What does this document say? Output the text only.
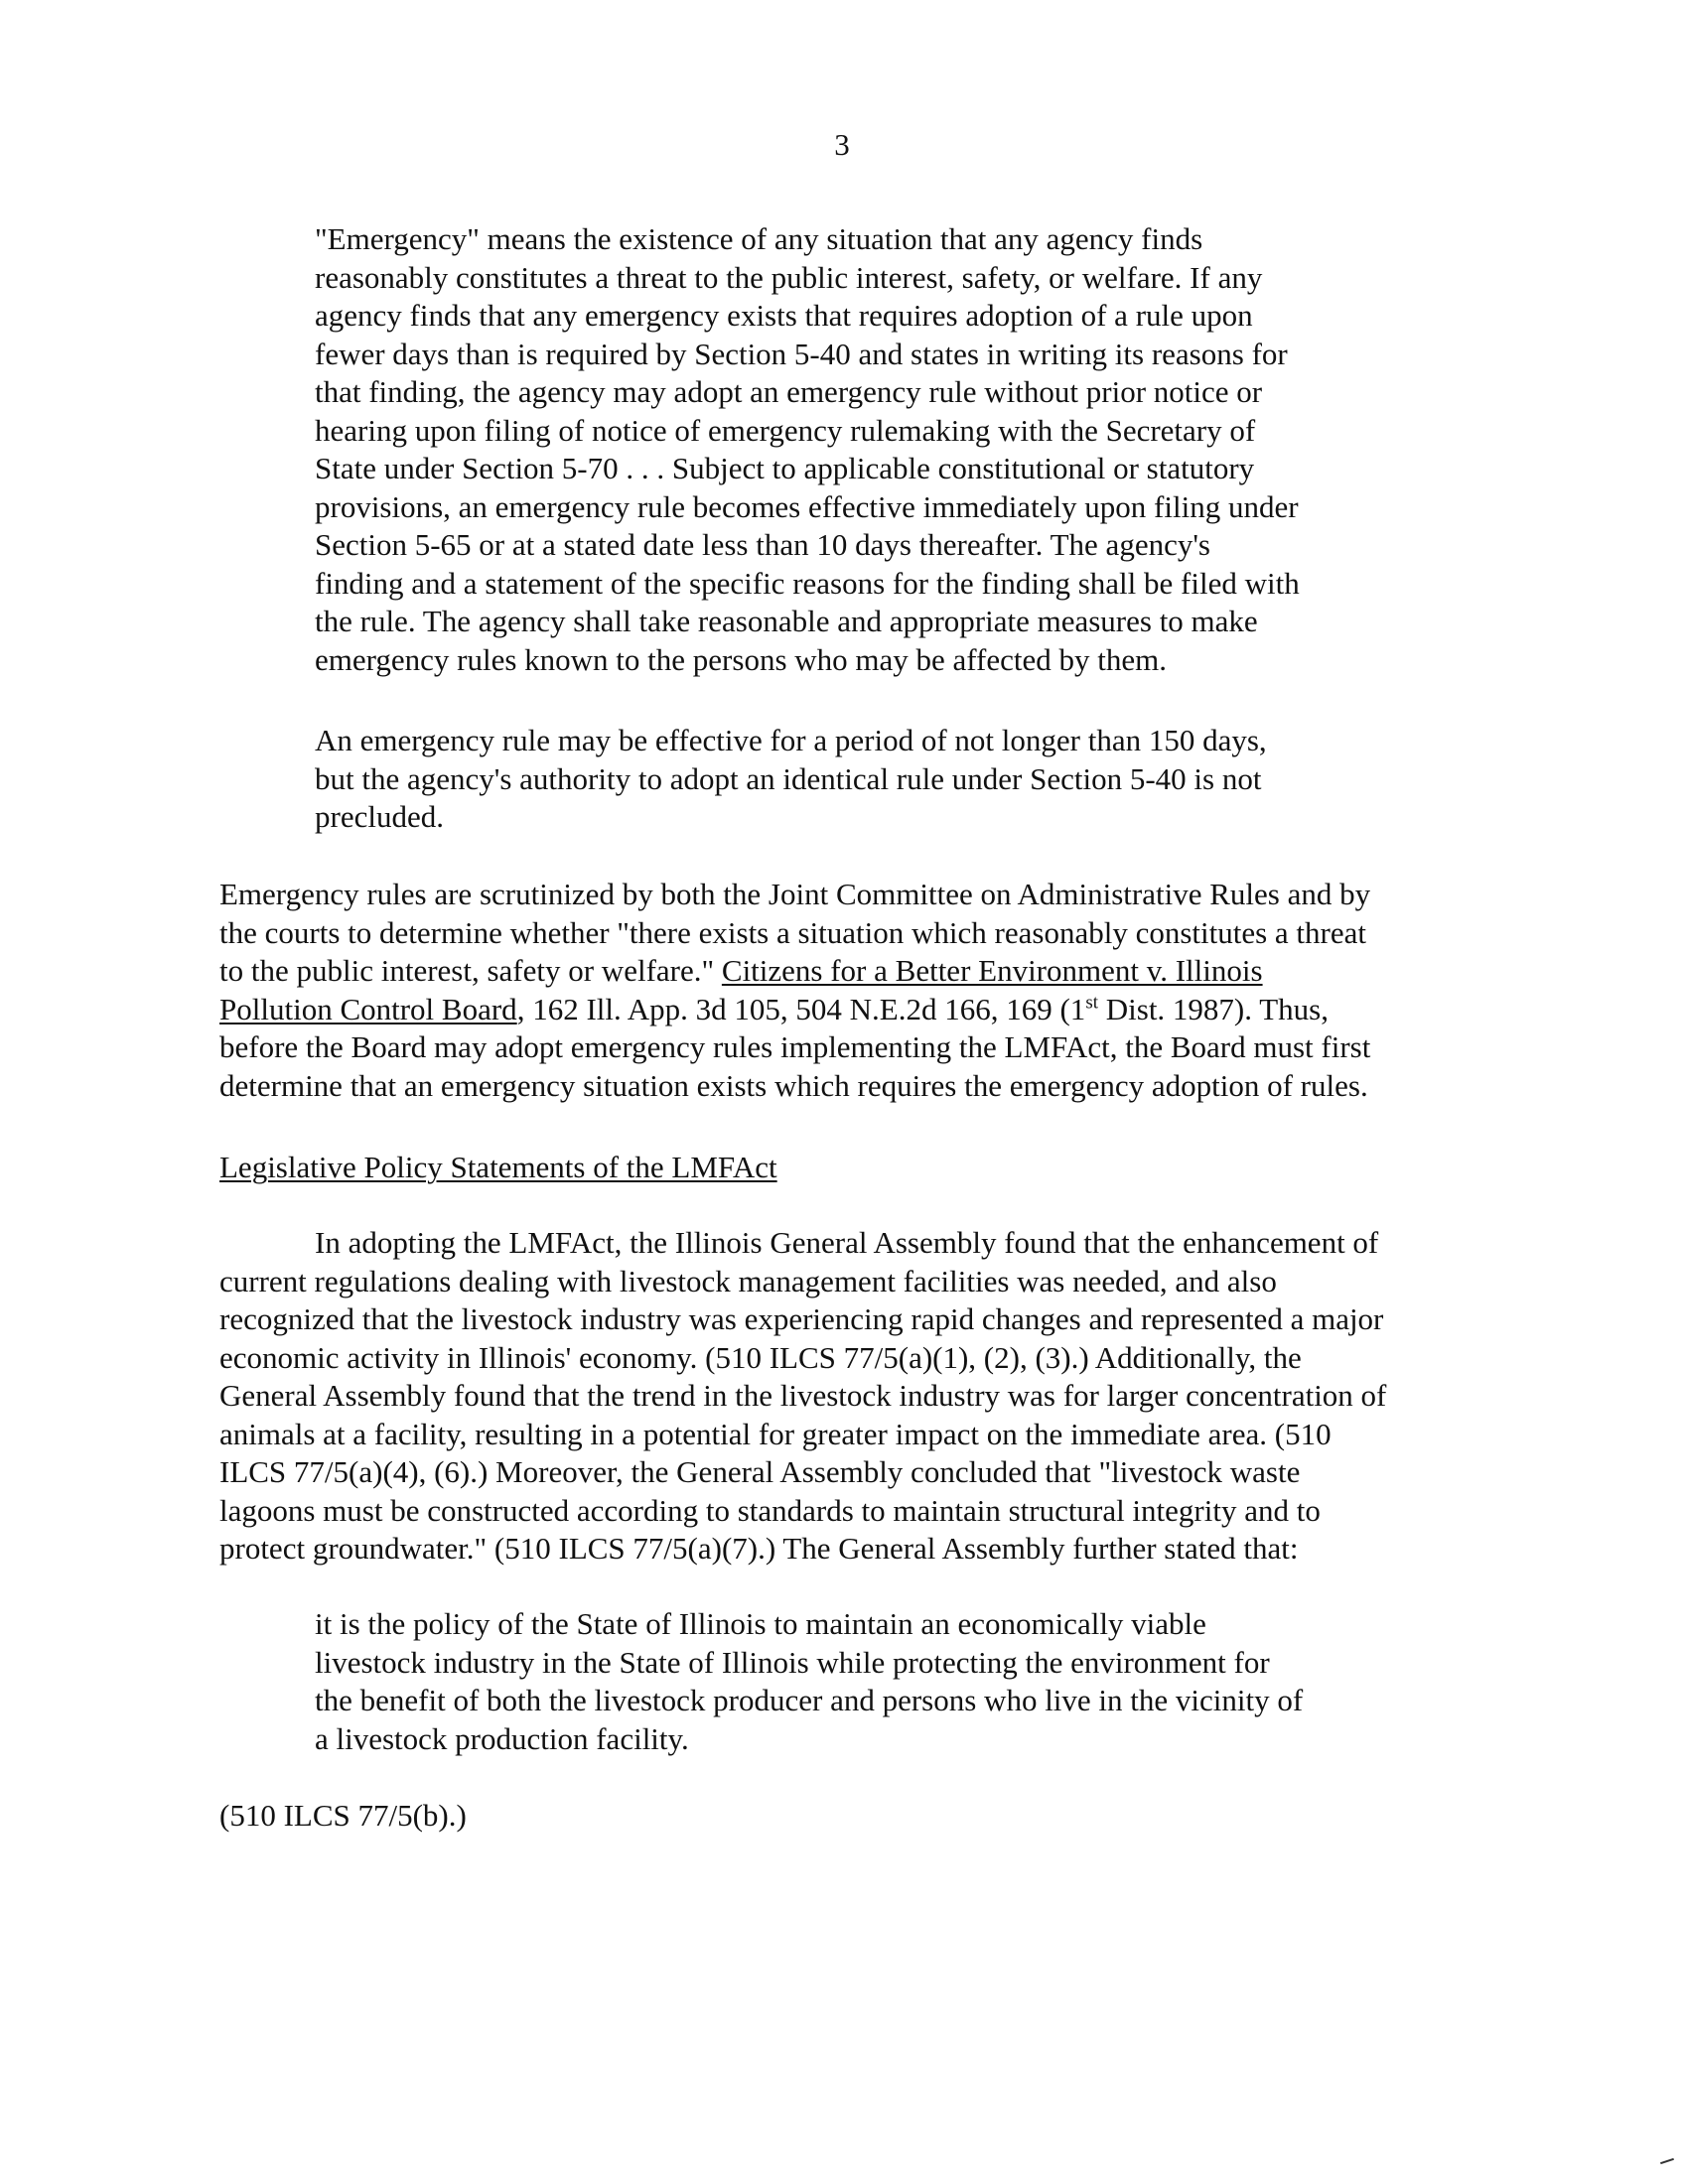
3
"Emergency" means the existence of any situation that any agency finds
reasonably constitutes a threat to the public interest, safety, or welfare. If any
agency finds that any emergency exists that requires adoption of a rule upon
fewer days than is required by Section 5-40 and states in writing its reasons for
that finding, the agency may adopt an emergency rule without prior notice or
hearing upon filing of notice of emergency rulemaking with the Secretary of
State under Section 5-70 . . . Subject to applicable constitutional or statutory
provisions, an emergency rule becomes effective immediately upon filing under
Section 5-65 or at a stated date less than 10 days thereafter. The agency's
finding and a statement of the specific reasons for the finding shall be filed with
the rule. The agency shall take reasonable and appropriate measures to make
emergency rules known to the persons who may be affected by them.
An emergency rule may be effective for a period of not longer than 150 days,
but the agency's authority to adopt an identical rule under Section 5-40 is not
precluded.
Emergency rules are scrutinized by both the Joint Committee on Administrative Rules and by
the courts to determine whether "there exists a situation which reasonably constitutes a threat
to the public interest, safety or welfare." Citizens for a Better Environment v. Illinois
Pollution Control Board, 162 Ill. App. 3d 105, 504 N.E.2d 166, 169 (1st Dist. 1987). Thus,
before the Board may adopt emergency rules implementing the LMFAct, the Board must first
determine that an emergency situation exists which requires the emergency adoption of rules.
Legislative Policy Statements of the LMFAct
In adopting the LMFAct, the Illinois General Assembly found that the enhancement of
current regulations dealing with livestock management facilities was needed, and also
recognized that the livestock industry was experiencing rapid changes and represented a major
economic activity in Illinois' economy. (510 ILCS 77/5(a)(1), (2), (3).) Additionally, the
General Assembly found that the trend in the livestock industry was for larger concentration of
animals at a facility, resulting in a potential for greater impact on the immediate area. (510
ILCS 77/5(a)(4), (6).) Moreover, the General Assembly concluded that "livestock waste
lagoons must be constructed according to standards to maintain structural integrity and to
protect groundwater." (510 ILCS 77/5(a)(7).) The General Assembly further stated that:
it is the policy of the State of Illinois to maintain an economically viable
livestock industry in the State of Illinois while protecting the environment for
the benefit of both the livestock producer and persons who live in the vicinity of
a livestock production facility.
(510 ILCS 77/5(b).)
